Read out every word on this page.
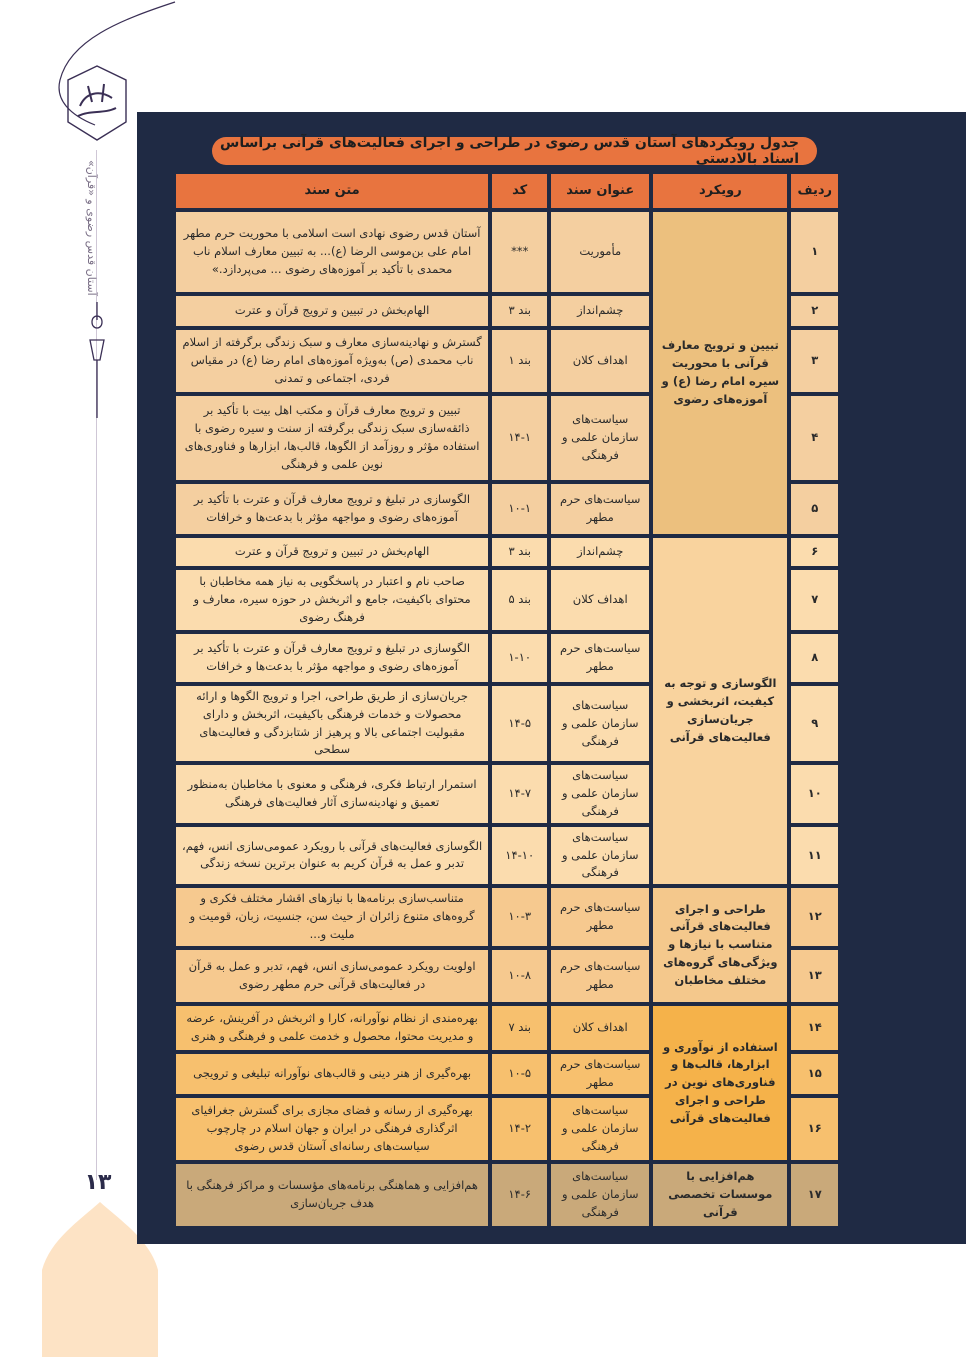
آستان قدس رضوی و «قرآن»
۱۳
جدول رویکردهای آستان قدس رضوی در طراحی و اجرای فعالیت‌های قرآنی براساس اسناد بالادستی
ردیف	رویکرد	عنوان سند	کد	متن سند
۱	تبیین و ترویج معارف قرآنی با محوریت سیره امام رضا (ع) و آموزه‌های رضوی	مأموریت	***	آستان قدس رضوی نهادی است اسلامی با محوریت حرم مطهر امام علی بن‌موسی الرضا (ع)... به تبیین معارف اسلام ناب محمدی با تأکید بر آموزه‌های رضوی ... می‌پردازد.»
۲		چشم‌انداز	بند ۳	الهام‌بخش در تبیین و ترویج قرآن و عترت
۳		اهداف کلان	بند ۱	گسترش و نهادینه‌سازی معارف و سبک زندگی برگرفته از اسلام ناب محمدی (ص) به‌ویژه آموزه‌های امام رضا (ع) در مقیاس فردی، اجتماعی و تمدنی
۴		سیاست‌های سازمان علمی و فرهنگی	۱۴-۱	تبیین و ترویج معارف قرآن و مکتب اهل بیت با تأکید بر ذائقه‌سازی سبک زندگی برگرفته از سنت و سیره رضوی با استفاده مؤثر و روزآمد از الگوها، قالب‌ها، ابزارها و فناوری‌های نوین علمی و فرهنگی
۵		سیاست‌های حرم مطهر	۱۰-۱	الگوسازی در تبلیغ و ترویج معارف قرآن و عترت با تأکید بر آموزه‌های رضوی و مواجهه مؤثر با بدعت‌ها و خرافات
۶	الگوسازی و توجه به کیفیت، اثربخشی و جریان‌سازی فعالیت‌های قرآنی	چشم‌انداز	بند ۳	الهام‌بخش در تبیین و ترویج قرآن و عترت
۷		اهداف کلان	بند ۵	صاحب نام و اعتبار در پاسخگویی به نیاز همه مخاطبان با محتوای باکیفیت، جامع و اثربخش در حوزه سیره، معارف و فرهنگ رضوی
۸		سیاست‌های حرم مطهر	۱-۱۰	الگوسازی در تبلیغ و ترویج معارف قرآن و عترت با تأکید بر آموزه‌های رضوی و مواجهه مؤثر با بدعت‌ها و خرافات
۹		سیاست‌های سازمان علمی و فرهنگی	۱۴-۵	جریان‌سازی از طریق طراحی، اجرا و ترویج الگوها و ارائه محصولات و خدمات فرهنگی باکیفیت، اثربخش و دارای مقبولیت اجتماعی بالا و پرهیز از شتابزدگی و فعالیت‌های سطحی
۱۰		سیاست‌های سازمان علمی و فرهنگی	۱۴-۷	استمرار ارتباط فکری، فرهنگی و معنوی با مخاطبان به‌منظور تعمیق و نهادینه‌سازی آثار فعالیت‌های فرهنگی
۱۱		سیاست‌های سازمان علمی و فرهنگی	۱۴-۱۰	الگوسازی فعالیت‌های قرآنی با رویکرد عمومی‌سازی انس، فهم، تدبر و عمل به قرآن کریم به عنوان برترین نسخه زندگی
۱۲	طراحی و اجرای فعالیت‌های قرآنی متناسب با نیازها و ویژگی‌های گروه‌های مختلف مخاطبان	سیاست‌های حرم مطهر	۱۰-۳	متناسب‌سازی برنامه‌ها با نیازهای اقشار مختلف فکری و گروه‌های متنوع زائران از حیث سن، جنسیت، زبان، قومیت و ملیت و...
۱۳		سیاست‌های حرم مطهر	۱۰-۸	اولویت رویکرد عمومی‌سازی انس، فهم، تدبر و عمل به قرآن در فعالیت‌های قرآنی حرم مطهر رضوی
۱۴	استفاده از نوآوری و ابزارها، قالب‌ها و فناوری‌های نوین در طراحی و اجرای فعالیت‌های قرآنی	اهداف کلان	بند ۷	بهره‌مندی از نظام نوآورانه، کارا و اثربخش در آفرینش، عرضه و مدیریت محتوا، محصول و خدمت علمی و فرهنگی و هنری
۱۵		سیاست‌های حرم مطهر	۱۰-۵	بهره‌گیری از هنر دینی و قالب‌های نوآورانه تبلیغی و ترویجی
۱۶		سیاست‌های سازمان علمی و فرهنگی	۱۴-۲	بهره‌گیری از رسانه و فضای مجازی برای گسترش جغرافیای اثرگذاری فرهنگی در ایران و جهان اسلام در چارچوب سیاست‌های رسانه‌ای آستان قدس رضوی
۱۷	هم‌افزایی با موسسات تخصصی قرآنی	سیاست‌های سازمان علمی و فرهنگی	۱۴-۶	هم‌افزایی و هماهنگی برنامه‌های مؤسسات و مراکز فرهنگی با هدف جریان‌سازی
